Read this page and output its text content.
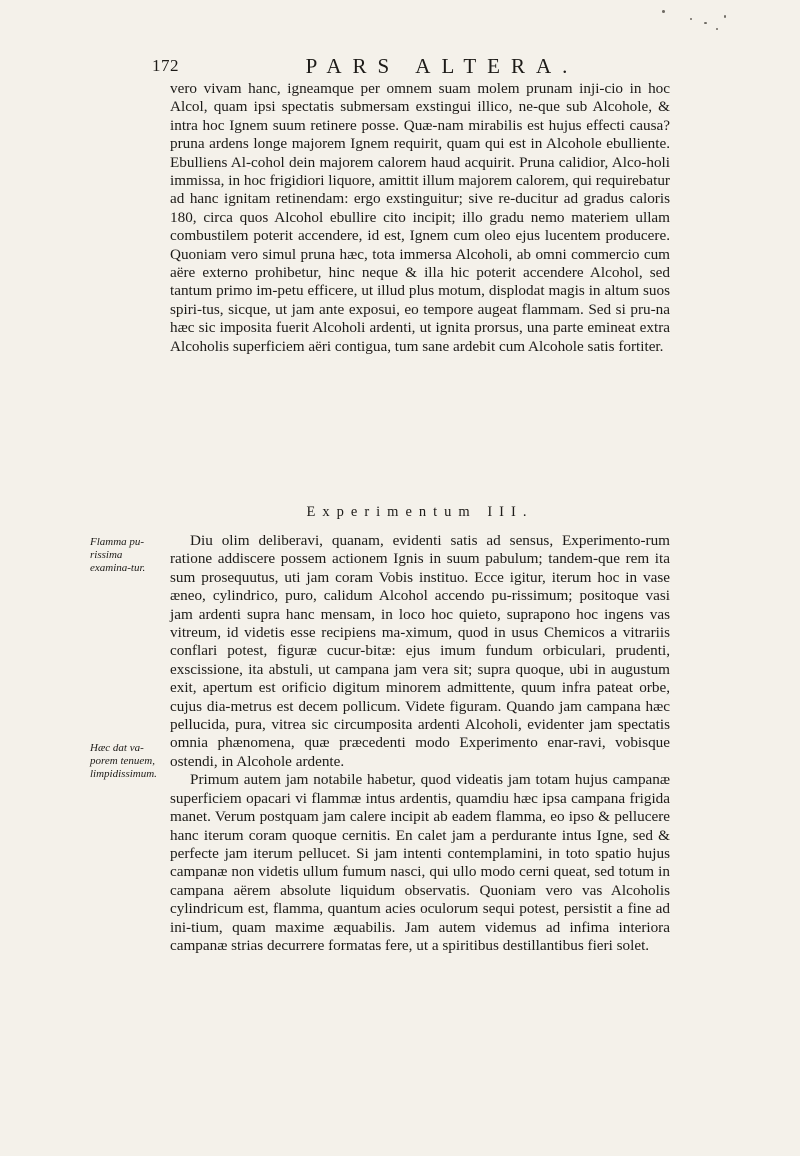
172	PARS ALTERA.

vero vivam hanc, igneamque per omnem suam molem prunam inji-cio in hoc Alcol, quam ipsi spectatis submersam exstingui illico, ne-que sub Alcohole, & intra hoc Ignem suum retinere posse. Quæ-nam mirabilis est hujus effecti causa? pruna ardens longe majorem Ignem requirit, quam qui est in Alcohole ebulliente. Ebulliens Al-cohol dein majorem calorem haud acquirit. Pruna calidior, Alco-holi immissa, in hoc frigidiori liquore, amittit illum majorem calorem, qui requirebatur ad hanc ignitam retinendam: ergo exstinguitur; sive re-ducitur ad gradus caloris 180, circa quos Alcohol ebullire cito incipit; illo gradu nemo materiem ullam combustilem poterit accendere, id est, Ignem cum oleo ejus lucentem producere. Quoniam vero simul pruna hæc, tota immersa Alcoholi, ab omni commercio cum aëre externo prohibetur, hinc neque & illa hic poterit accendere Alcohol, sed tantum primo im-petu efficere, ut illud plus motum, displodat magis in altum suos spiri-tus, sicque, ut jam ante exposui, eo tempore augeat flammam. Sed si pru-na hæc sic imposita fuerit Alcoholi ardenti, ut ignita prorsus, una parte emineat extra Alcoholis superficiem aëri contigua, tum sane ardebit cum Alcohole satis fortiter.

Experimentum III.
Flamma pu-rissima examina-tur.
Hæc dat va-porem tenuem, limpidissimum.

Diu olim deliberavi, quanam, evidenti satis ad sensus, Experimento-rum ratione addiscere possem actionem Ignis in suum pabulum; tandem-que rem ita sum prosequutus, uti jam coram Vobis instituo. Ecce igitur, iterum hoc in vase æneo, cylindrico, puro, calidum Alcohol accendo pu-rissimum; positoque vasi jam ardenti supra hanc mensam, in loco hoc quieto, suprapono hoc ingens vas vitreum, id videtis esse recipiens ma-ximum, quod in usus Chemicos a vitrariis conflari potest, figuræ cucur-bitæ: ejus imum fundum orbiculari, prudenti, exscissione, ita abstuli, ut campana jam vera sit; supra quoque, ubi in augustum exit, apertum est orificio digitum minorem admittente, quum infra pateat orbe, cujus dia-metrus est decem pollicum. Videte figuram. Quando jam campana hæc pellucida, pura, vitrea sic circumposita ardenti Alcoholi, evidenter jam spectatis omnia phænomena, quæ præcedenti modo Experimento enar-ravi, vobisque ostendi, in Alcohole ardente.

Primum autem jam notabile habetur, quod videatis jam totam hujus campanæ superficiem opacari vi flammæ intus ardentis, quamdiu hæc ipsa campana frigida manet. Verum postquam jam calere incipit ab eadem flamma, eo ipso & pellucere hanc iterum coram quoque cernitis. En calet jam a perdurante intus Igne, sed & perfecte jam iterum pellucet. Si jam intenti contemplamini, in toto spatio hujus campanæ non videtis ullum fumum nasci, qui ullo modo cerni queat, sed totum in campana aërem absolute liquidum observatis. Quoniam vero vas Alcoholis cylindricum est, flamma, quantum acies oculorum sequi potest, persistit a fine ad ini-tium, quam maxime æquabilis. Jam autem videmus ad infima interiora campanæ strias decurrere formatas fere, ut a spiritibus destillantibus fieri solet.
